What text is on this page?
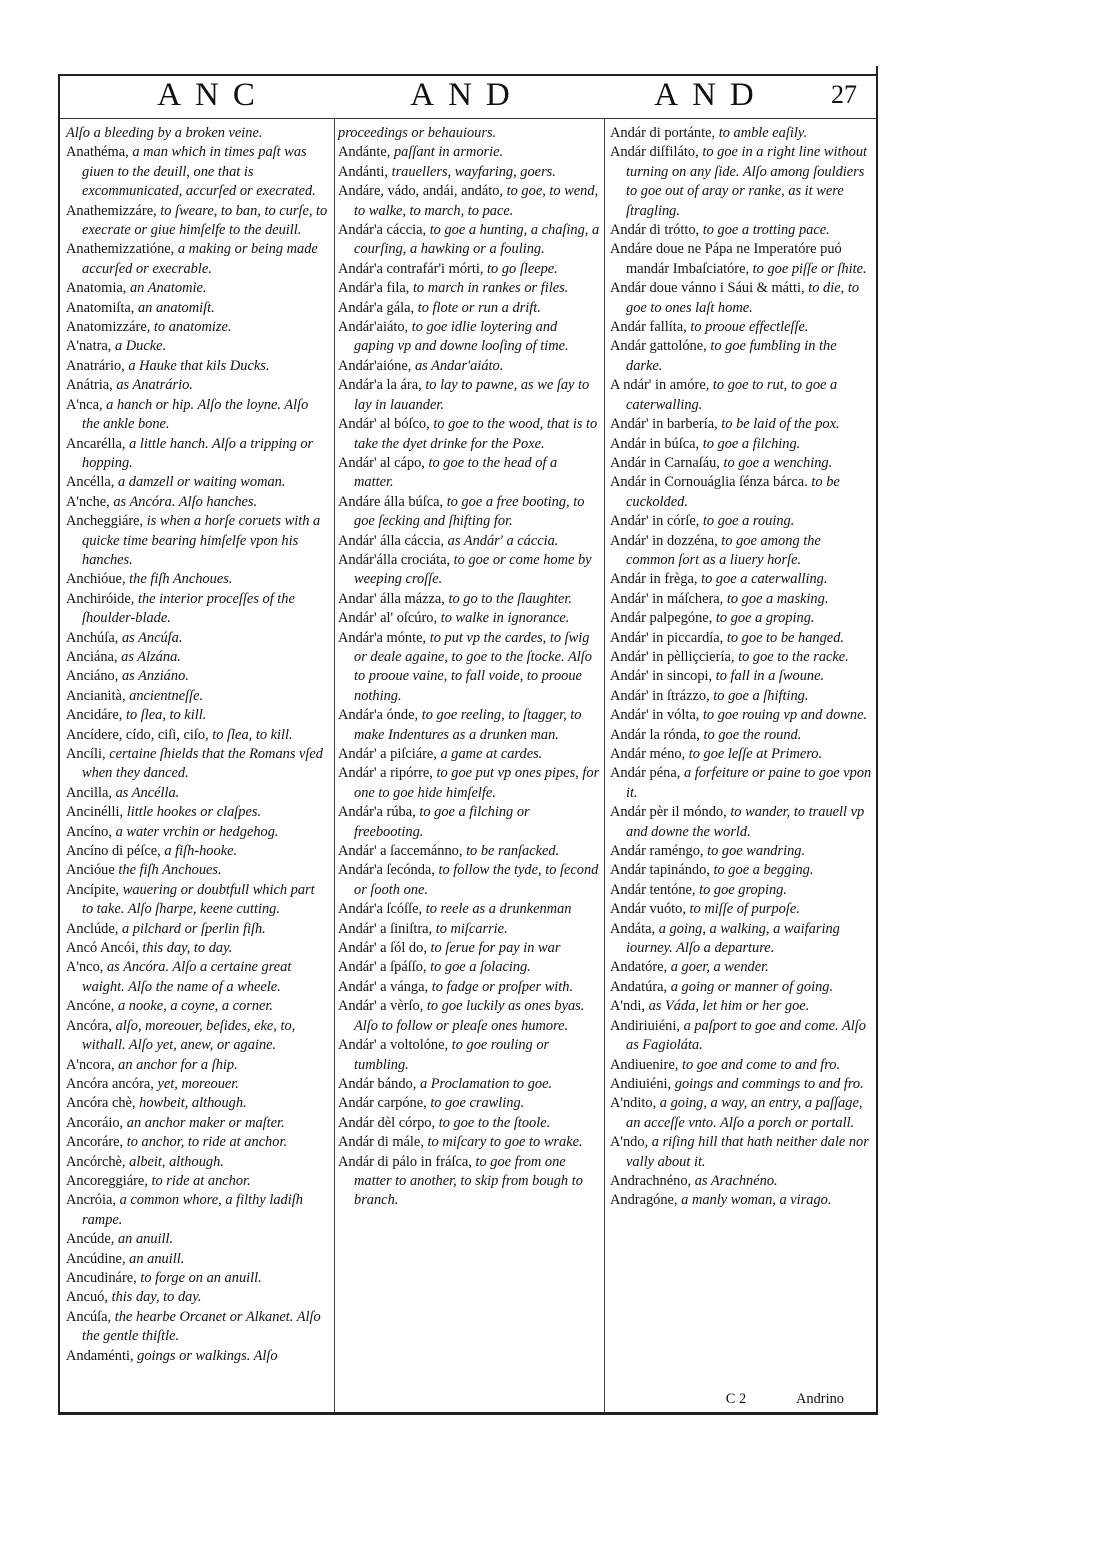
ANC	AND	AND	27
Alſo a bleeding by a broken veine.
Anathéma, a man which in times paſt was giuen to the deuill, one that is excommunicated, accurſed or execrated.
Anathemizzáre, to ſweare, to ban, to curſe, to execrate or giue himſelfe to the deuill.
Anathemizzatióne, a making or being made accurſed or execrable.
Anatomia, an Anatomie.
Anatomiſta, an anatomiſt.
Anatomizzáre, to anatomize.
A'natra, a Ducke.
Anatrário, a Hauke that kils Ducks.
Anátria, as Anatrário.
A'nca, a hanch or hip. Alſo the loyne. Alſo the ankle bone.
Ancarélla, a little hanch. Alſo a tripping or hopping.
Ancélla, a damzell or waiting woman.
A'nche, as Ancóra. Alſo hanches.
Ancheggiáre, is when a horſe coruets with a quicke time bearing himſelfe vpon his hanches.
Anchióue, the fiſh Anchoues.
Anchiróide, the interior proceſſes of the ſhoulder-blade.
Anchúſa, as Ancúſa.
Anciána, as Alzána.
Anciáno, as Anziáno.
Ancianità, ancientneſſe.
Ancidáre, to ſlea, to kill.
Ancídere, cído, ciſi, ciſo, to ſlea, to kill.
Ancíli, certaine ſhields that the Romans vſed when they danced.
Ancilla, as Ancélla.
Ancinélli, little hookes or claſpes.
Ancíno, a water vrchin or hedgehog.
Ancíno di péſce, a fiſh-hooke.
Ancióue the fiſh Anchoues.
Ancípite, wauering or doubtfull which part to take. Alſo ſharpe, keene cutting.
Anclúde, a pilchard or ſperlin fiſh.
Ancó Ancói, this day, to day.
A'nco, as Ancóra. Alſo a certaine great waight. Alſo the name of a wheele.
Ancóne, a nooke, a coyne, a corner.
Ancóra, alſo, moreouer, beſides, eke, to, withall. Alſo yet, anew, or againe.
A'ncora, an anchor for a ſhip.
Ancóra ancóra, yet, moreouer.
Ancóra chè, howbeit, although.
Ancoráio, an anchor maker or maſter.
Ancoráre, to anchor, to ride at anchor.
Ancórchè, albeit, although.
Ancoreggiáre, to ride at anchor.
Ancróia, a common whore, a filthy ladiſh rampe.
Ancúde, an anuill.
Ancúdine, an anuill.
Ancudináre, to forge on an anuill.
Ancuó, this day, to day.
Ancúſa, the hearbe Orcanet or Alkanet. Alſo the gentle thiſtle.
Andaménti, goings or walkings. Alſo
proceedings or behauiours.
Andánte, paſſant in armorie.
Andánti, trauellers, wayfaring, goers.
Andáre, vádo, andái, andáto, to goe, to wend, to walke, to march, to pace.
Andár'a cáccia, to goe a hunting, a chaſing, a courſing, a hawking or a fouling.
Andár'a contrafár'i mórti, to go ſleepe.
Andár'a fila, to march in rankes or files.
Andár'a gála, to flote or run a drift.
Andár'aiáto, to goe idlie loytering and gaping vp and downe looſing of time.
Andár'aióne, as Andar'aiáto.
Andár'a la ára, to lay to pawne, as we ſay to lay in lauander.
Andár' al bóſco, to goe to the wood, that is to take the dyet drinke for the Poxe.
Andár' al cápo, to goe to the head of a matter.
Andáre álla búſca, to goe a free booting, to goe ſecking and ſhifting for.
Andár' álla cáccia, as Andár' a cáccia.
Andár'álla crociáta, to goe or come home by weeping croſſe.
Andar' álla mázza, to go to the ſlaughter.
Andár' al' oſcúro, to walke in ignorance.
Andár'a mónte, to put vp the cardes, to ſwig or deale againe, to goe to the ſtocke. Alſo to prooue vaine, to fall voide, to prooue nothing.
Andár'a ónde, to goe reeling, to ſtagger, to make Indentures as a drunken man.
Andár' a piſciáre, a game at cardes.
Andár' a ripórre, to goe put vp ones pipes, for one to goe hide himſelfe.
Andár'a rúba, to goe a filching or freebooting.
Andár' a ſaccemánno, to be ranſacked.
Andár'a ſecónda, to follow the tyde, to ſecond or ſooth one.
Andár'a ſcóſſe, to reele as a drunkenman
Andár' a ſiniſtra, to miſcarrie.
Andár' a ſól do, to ſerue for pay in war
Andár' a ſpáſſo, to goe a ſolacing.
Andár' a vánga, to fadge or proſper with.
Andár' a vèrſo, to goe luckily as ones byas. Alſo to follow or pleaſe ones humore.
Andár' a voltolóne, to goe rouling or tumbling.
Andár bándo, a Proclamation to goe.
Andár carpóne, to goe crawling.
Andár dèl córpo, to goe to the ſtoole.
Andár di mále, to miſcary to goe to wrake.
Andár di pálo in fráſca, to goe from one matter to another, to skip from bough to branch.
Andár di portánte, to amble eaſily.
Andár diſfiláto, to goe in a right line without turning on any ſide. Alſo among ſouldiers to goe out of aray or ranke, as it were ſtragling.
Andár di trótto, to goe a trotting pace.
Andáre doue ne Pápa ne Imperatóre puó mandár Imbaſciatóre, to goe piſſe or ſhite.
Andár doue vánno i Sáui & mátti, to die, to goe to ones laſt home.
Andár fallíta, to prooue effectleſſe.
Andár gattolóne, to goe fumbling in the darke.
A ndár' in amóre, to goe to rut, to goe a caterwalling.
Andár' in barbería, to be laid of the pox.
Andár in búſca, to goe a filching.
Andár in Carnaſáu, to goe a wenching.
Andár in Cornouáglia ſénza bárca. to be cuckolded.
Andár' in córſe, to goe a rouing.
Andár' in dozzéna, to goe among the common ſort as a liuery horſe.
Andár in frèga, to goe a caterwalling.
Andár' in máſchera, to goe a masking.
Andár palpegóne, to goe a groping.
Andár' in piccardía, to goe to be hanged.
Andár' in pèlliçciería, to goe to the racke.
Andár' in sincopi, to fall in a ſwoune.
Andár' in ſtrázzo, to goe a ſhifting.
Andár' in vólta, to goe rouing vp and downe.
Andár la rónda, to goe the round.
Andár méno, to goe leſſe at Primero.
Andár péna, a forfeiture or paine to goe vpon it.
Andár pèr il móndo, to wander, to trauell vp and downe the world.
Andár raméngo, to goe wandring.
Andár tapinándo, to goe a begging.
Andár tentóne, to goe groping.
Andár vuóto, to miſſe of purpoſe.
Andáta, a going, a walking, a waifaring iourney. Alſo a departure.
Andatóre, a goer, a wender.
Andatúra, a going or manner of going.
A'ndi, as Váda, let him or her goe.
Andiriuiéni, a paſport to goe and come. Alſo as Fagioláta.
Andiuenire, to goe and come to and fro.
Andiuiéni, goings and commings to and fro.
A'ndito, a going, a way, an entry, a paſſage, an acceſſe vnto. Alſo a porch or portall.
A'ndo, a riſing hill that hath neither dale nor vally about it.
Andrachnéno, as Arachnéno.
Andragóne, a manly woman, a virago.
C 2	Andrino
